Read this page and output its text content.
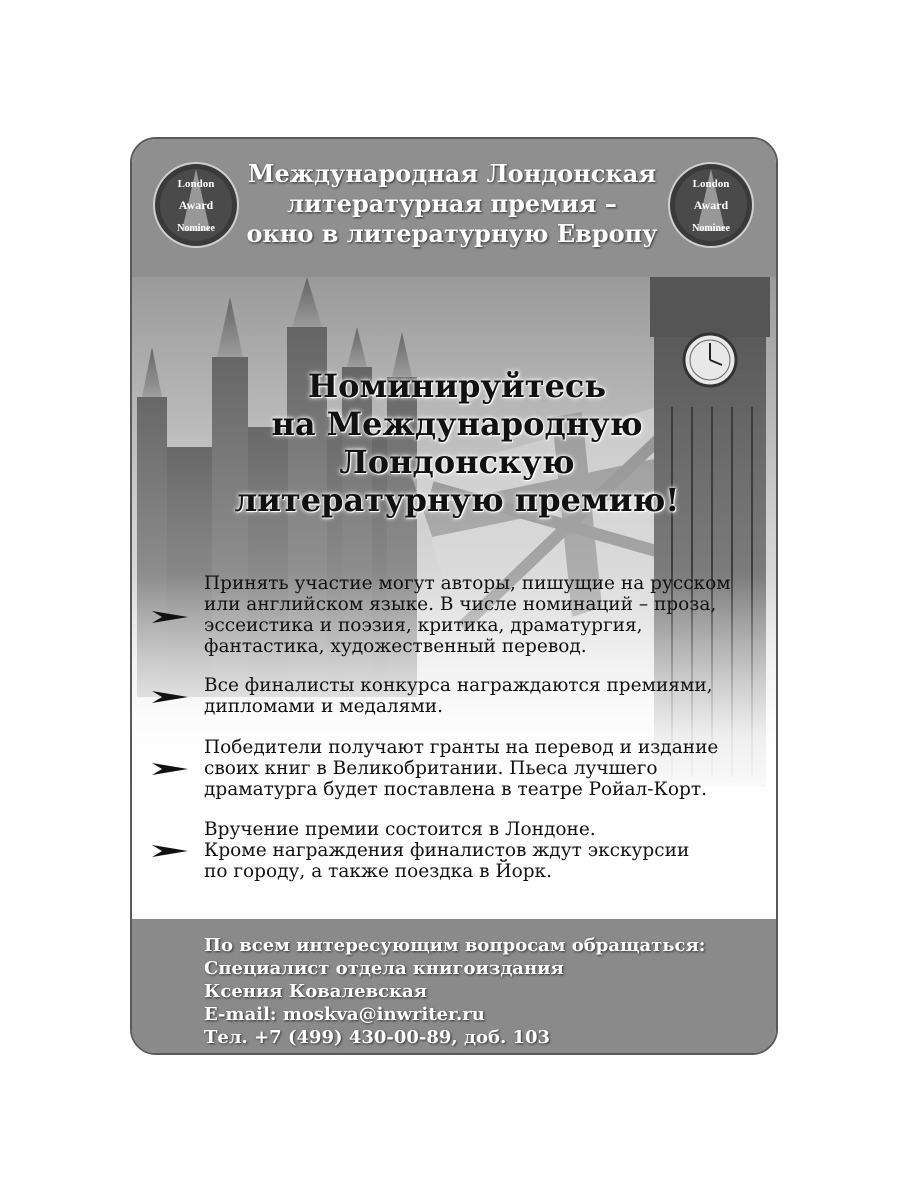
London
Award
Nominee
Международная Лондонская
литературная премия –
окно в литературную Европу
London
Award
Nominee
Номинируйтесь
на Международную
Лондонскую
литературную премию!
Принять участие могут авторы, пишущие на русском
или английском языке. В числе номинаций – проза,
эссеистика и поэзия, критика, драматургия,
фантастика, художественный перевод.
Все финалисты конкурса награждаются премиями,
дипломами и медалями.
Победители получают гранты на перевод и издание
своих книг в Великобритании. Пьеса лучшего
драматурга будет поставлена в театре Ройал-Корт.
Вручение премии состоится в Лондоне.
Кроме награждения финалистов ждут экскурсии
по городу, а также поездка в Йорк.
По всем интересующим вопросам обращаться:
Специалист отдела книгоиздания
Ксения Ковалевская
E-mail: moskva@inwriter.ru
Тел. +7 (499) 430-00-89, доб. 103
